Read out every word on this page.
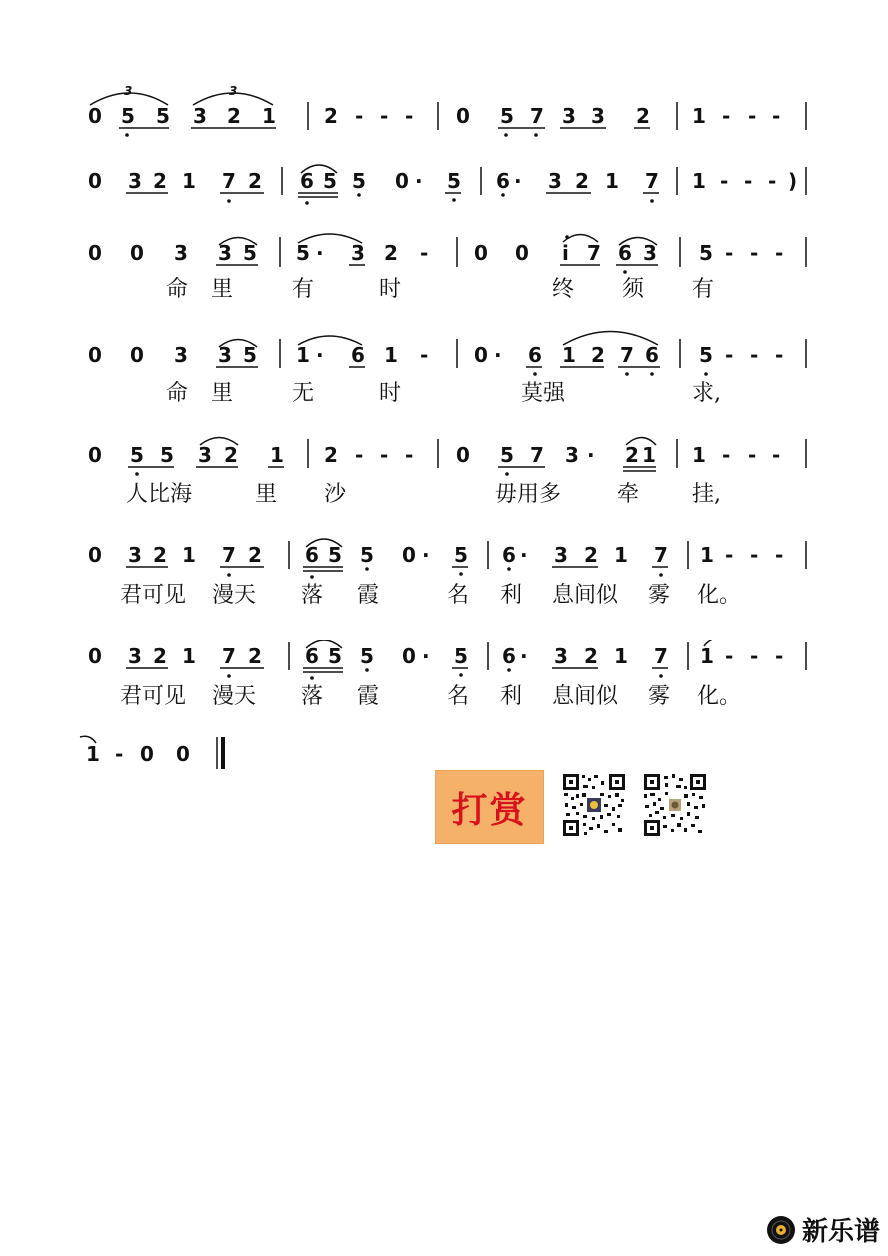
0 5 5 3 2 1 2 - - - 0 5 7 3 3 2 1 - - -
3	3
0 3 2 1 7 2 6 5 5 0 · 5 6 · 3 2 1 7 1 - - - )
0 0 3 3 5 5 · 3 2 - 0 0 i 7 6 3 5 - - -
命 里	有	时	终 须 有
0 0 3 3 5 1 · 6 1 - 0 · 6 1 2 7 6 5 - - -
命 里	无	时	莫强	求,
0 5 5 3 2 1 2 - - - 0 5 7 3 · 2 1 1 - - -
人比海	里 沙	毋用多	牵 挂,
0 3 2 1 7 2 6 5 5 0 · 5 6 · 3 2 1 7 1 - - -
君可见 漫天 落 霞	名 利 息间似 雾 化。
0 3 2 1 7 2 6 5 5 0 · 5 6 · 3 2 1 7 1 - - -
君可见 漫天 落 霞	名 利 息间似 雾 化。
1 - 0 0
打赏
新乐谱
